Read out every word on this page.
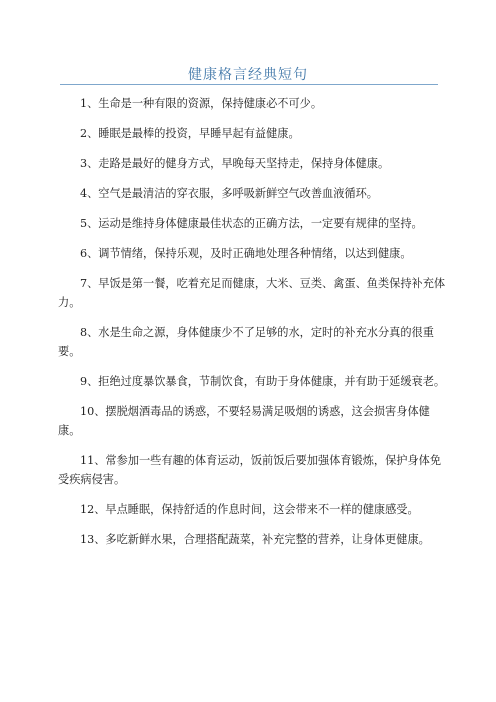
健康格言经典短句

1、生命是一种有限的资源，保持健康必不可少。

2、睡眠是最棒的投资，早睡早起有益健康。

3、走路是最好的健身方式，早晚每天坚持走，保持身体健康。

4、空气是最清洁的穿衣服，多呼吸新鲜空气改善血液循环。

5、运动是维持身体健康最佳状态的正确方法，一定要有规律的坚持。

6、调节情绪，保持乐观，及时正确地处理各种情绪，以达到健康。

7、早饭是第一餐，吃着充足而健康，大米、豆类、禽蛋、鱼类保持补充体力。

8、水是生命之源，身体健康少不了足够的水，定时的补充水分真的很重要。

9、拒绝过度暴饮暴食，节制饮食，有助于身体健康，并有助于延缓衰老。

10、摆脱烟酒毒品的诱惑，不要轻易满足吸烟的诱惑，这会损害身体健康。

11、常参加一些有趣的体育运动，饭前饭后要加强体育锻炼，保护身体免受疾病侵害。

12、早点睡眠，保持舒适的作息时间，这会带来不一样的健康感受。

13、多吃新鲜水果，合理搭配蔬菜，补充完整的营养，让身体更健康。
